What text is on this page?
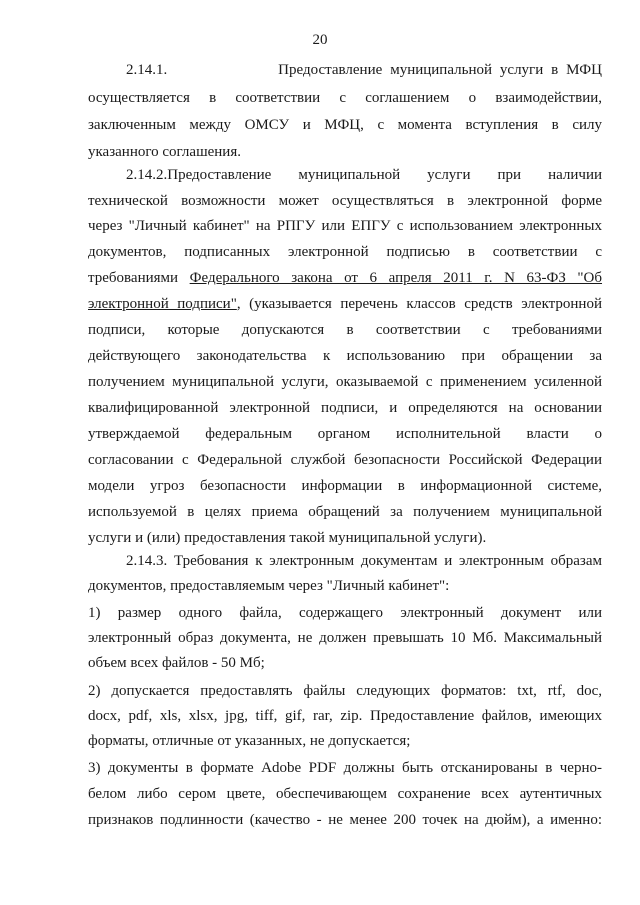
20
2.14.1.              Предоставление муниципальной услуги в МФЦ
осуществляется в соответствии с соглашением о взаимодействии,
заключенным между ОМСУ и МФЦ, с момента вступления в силу
указанного соглашения.
2.14.2.Предоставление муниципальной услуги при наличии
технической возможности может осуществляться в электронной форме
через "Личный кабинет" на РПГУ или ЕПГУ с использованием электронных
документов, подписанных электронной подписью в соответствии с
требованиями Федерального закона от 6 апреля 2011 г. N 63-ФЗ "Об
электронной подписи", (указывается перечень классов средств электронной
подписи, которые допускаются в соответствии с требованиями
действующего законодательства к использованию при обращении за
получением муниципальной услуги, оказываемой с применением усиленной
квалифицированной электронной подписи, и определяются на основании
утверждаемой федеральным органом исполнительной власти о
согласовании с Федеральной службой безопасности Российской Федерации
модели угроз безопасности информации в информационной системе,
используемой в целях приема обращений за получением муниципальной
услуги и (или) предоставления такой муниципальной услуги).
2.14.3. Требования к электронным документам и электронным образам
документов, предоставляемым через "Личный кабинет":
1) размер одного файла, содержащего электронный документ или
электронный образ документа, не должен превышать 10 Мб. Максимальный
объем всех файлов - 50 Мб;
2) допускается предоставлять файлы следующих форматов: txt, rtf, doc,
docx, pdf, xls, xlsx, jpg, tiff, gif, rar, zip. Предоставление файлов, имеющих
форматы, отличные от указанных, не допускается;
3) документы в формате Adobe PDF должны быть отсканированы в черно-
белом либо сером цвете, обеспечивающем сохранение всех аутентичных
признаков подлинности (качество - не менее 200 точек на дюйм), а именно:
